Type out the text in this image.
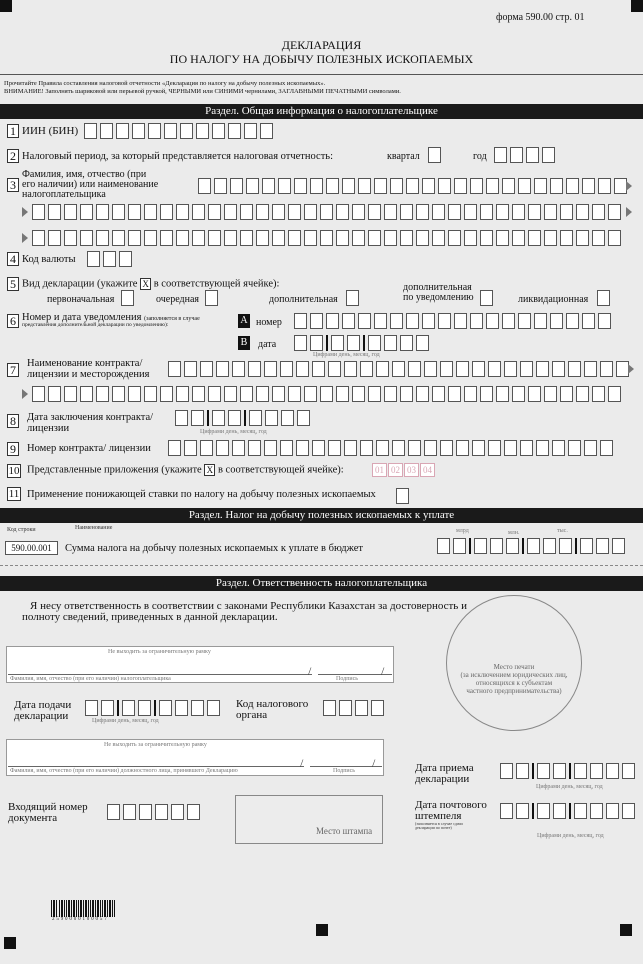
форма 590.00 стр. 01
ДЕКЛАРАЦИЯ
ПО НАЛОГУ НА ДОБЫЧУ ПОЛЕЗНЫХ ИСКОПАЕМЫХ
Прочитайте Правила составления налоговой отчетности «Декларация по налогу на добычу полезных ископаемых».
ВНИМАНИЕ! Заполнять шариковой или перьевой ручкой, ЧЕРНЫМИ или СИНИМИ чернилами, ЗАГЛАВНЫМИ ПЕЧАТНЫМИ символами.
Раздел. Общая информация о налогоплательщике
1 ИИН (БИН)
2 Налоговый период, за который представляется налоговая отчетность:	квартал	год
3
Фамилия, имя, отчество (при
его наличии) или наименование
налогоплательщика
4 Код валюты
5 Вид декларации (укажите X в соответствующей ячейке):
первоначальная	очередная	дополнительная
дополнительная
по уведомлению	ликвидационная
6 Номер и дата уведомления (заполняется в случае
представления дополнительной декларации по уведомлению):	A номер
B дата
Цифрами день, месяц, год
7 Наименование контракта/
лицензии и месторождения
8 Дата заключения контракта/
лицензии	Цифрами день, месяц, год
9 Номер контракта/ лицензии
10 Представленные приложения (укажите X в соответствующей ячейке):	01 02 03 04
11 Применение понижающей ставки по налогу на добычу полезных ископаемых
Раздел. Налог на добычу полезных ископаемых к уплате
Код строки	Наименование	млрд	млн.	тыс.
590.00.001	Сумма налога на добычу полезных ископаемых к уплате в бюджет
Раздел. Ответственность налогоплательщика
Я несу ответственность в соответствии с законами Республики Казахстан за достоверность и
полноту сведений, приведенных в данной декларации.
Не выходить за ограничительную рамку
/	/
Фамилия, имя, отчество (при его наличии) налогоплательщика	Подпись
Место печати
(за исключением юридических лиц,
относящихся к субъектам
частного предпринимательства)
Дата подачи
декларации	Цифрами день, месяц, год
Код налогового
органа
Не выходить за ограничительную рамку
/	/
Фамилия, имя, отчество (при его наличии) должностного лица, принявшего Декларацию	Подпись	Дата приема
декларации
Цифрами день, месяц, год
Входящий номер
документа
Место штампа
Дата почтового
штемпеля
(заполняется в случае сдачи декларации по почте)
Цифрами день, месяц, год
2 5 9 0 0 0 0 1 0 0 0 5 7
